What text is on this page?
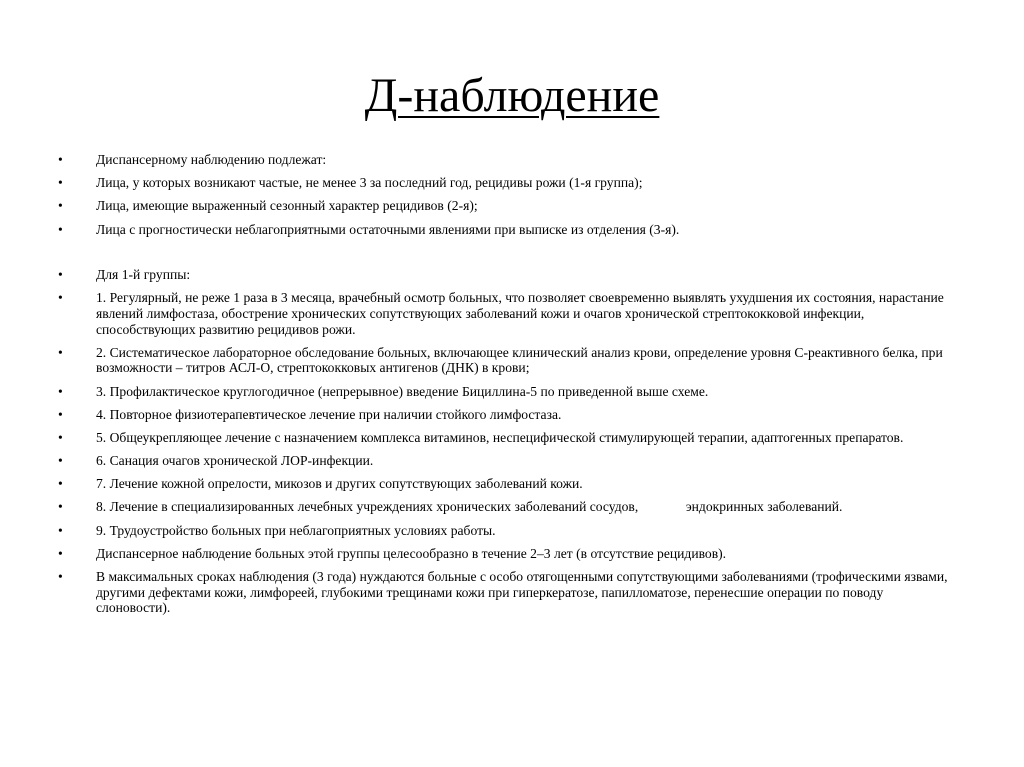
Д-наблюдение
•	Диспансерному наблюдению подлежат:
•	Лица, у которых возникают частые, не менее 3 за последний год, рецидивы рожи (1-я группа);
•	Лица, имеющие выраженный сезонный характер рецидивов (2-я);
•	Лица с прогностически неблагоприятными остаточными явлениями при выписке из отделения (3-я).
•	Для 1-й группы:
•	1. Регулярный, не реже 1 раза в 3 месяца, врачебный осмотр больных, что позволяет своевременно выявлять ухудшения их состояния, нарастание явлений лимфостаза, обострение хронических сопутствующих заболеваний кожи и очагов хронической стрептококковой инфекции, способствующих развитию рецидивов рожи.
•	2. Систематическое лабораторное обследование больных, включающее клинический анализ крови, определение уровня С-реактивного белка, при возможности – титров АСЛ-О, стрептококковых антигенов (ДНК) в крови;
•	3. Профилактическое круглогодичное (непрерывное) введение Бициллина-5 по приведенной выше схеме.
•	4. Повторное физиотерапевтическое лечение при наличии стойкого лимфостаза.
•	5. Общеукрепляющее лечение с назначением комплекса витаминов, неспецифической стимулирующей терапии, адаптогенных препаратов.
•	6. Санация очагов хронической ЛОР-инфекции.
•	7. Лечение кожной опрелости, микозов и других сопутствующих заболеваний кожи.
•	8. Лечение в специализированных лечебных учреждениях хронических заболеваний сосудов,              эндокринных заболеваний.
•	9. Трудоустройство больных при неблагоприятных условиях работы.
•	Диспансерное наблюдение больных этой группы целесообразно в течение 2–3 лет (в отсутствие рецидивов).
•	В максимальных сроках наблюдения (3 года) нуждаются больные с особо отягощенными сопутствующими заболеваниями (трофическими язвами, другими дефектами кожи, лимфореей, глубокими трещинами кожи при гиперкератозе, папилломатозе, перенесшие операции по поводу слоновости).
